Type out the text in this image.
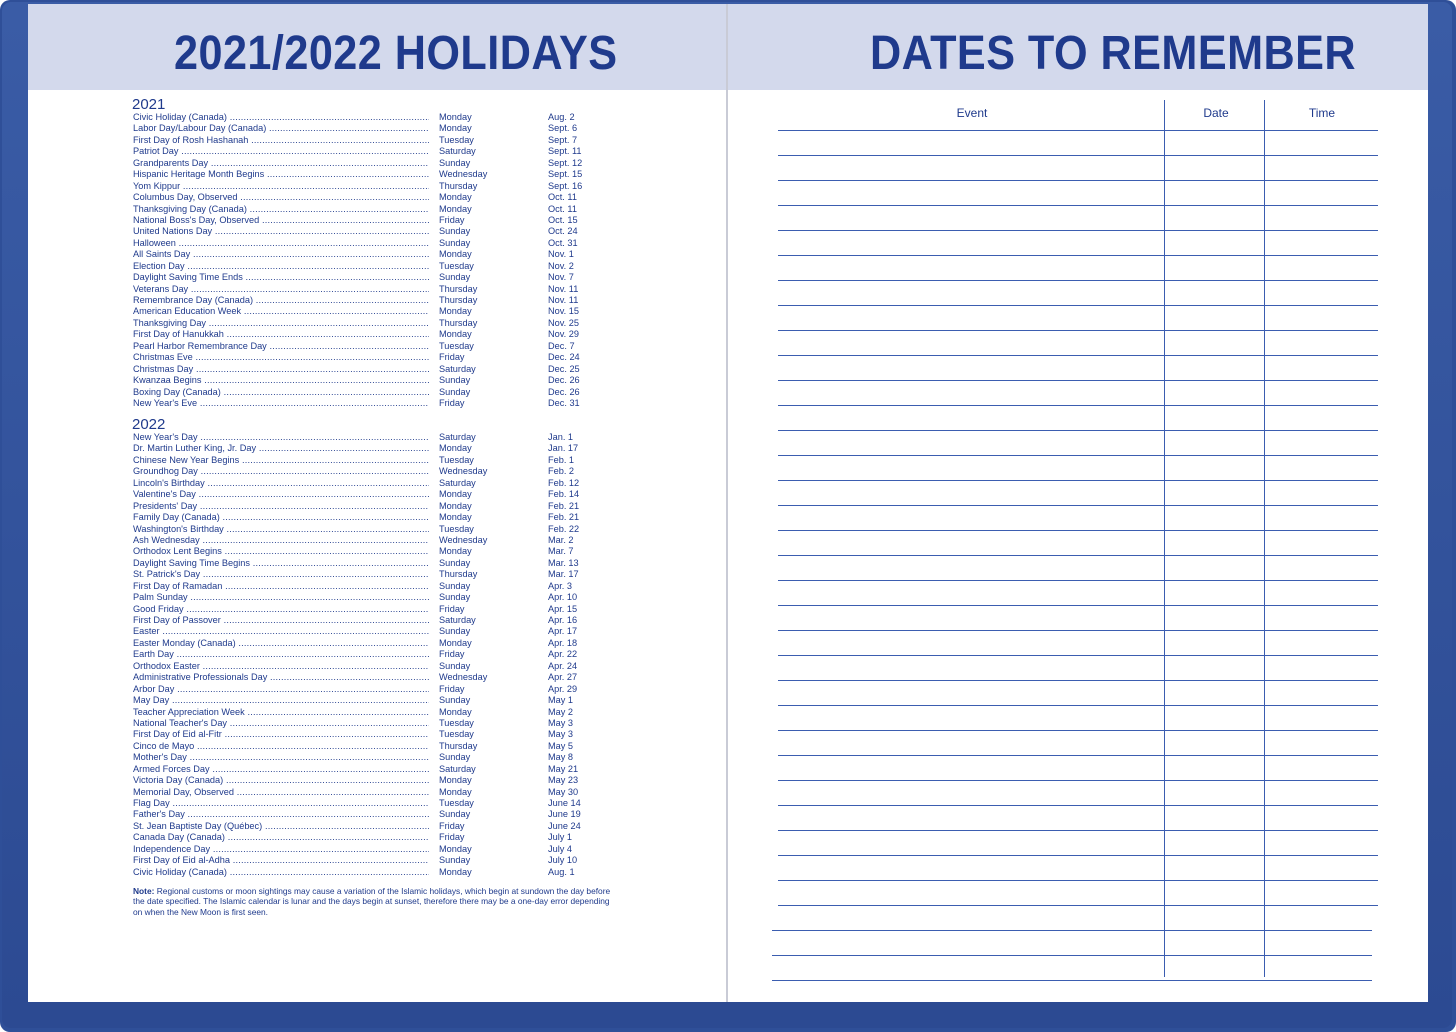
2021/2022 HOLIDAYS
2021
Civic Holiday (Canada) .....	Monday	Aug. 2
Labor Day/Labour Day (Canada) .....	Monday	Sept. 6
First Day of Rosh Hashanah .....	Tuesday	Sept. 7
Patriot Day .....	Saturday	Sept. 11
Grandparents Day .....	Sunday	Sept. 12
Hispanic Heritage Month Begins .....	Wednesday	Sept. 15
Yom Kippur .....	Thursday	Sept. 16
Columbus Day, Observed .....	Monday	Oct. 11
Thanksgiving Day (Canada) .....	Monday	Oct. 11
National Boss's Day, Observed .....	Friday	Oct. 15
United Nations Day .....	Sunday	Oct. 24
Halloween .....	Sunday	Oct. 31
All Saints Day .....	Monday	Nov. 1
Election Day .....	Tuesday	Nov. 2
Daylight Saving Time Ends .....	Sunday	Nov. 7
Veterans Day .....	Thursday	Nov. 11
Remembrance Day (Canada) .....	Thursday	Nov. 11
American Education Week .....	Monday	Nov. 15
Thanksgiving Day .....	Thursday	Nov. 25
First Day of Hanukkah .....	Monday	Nov. 29
Pearl Harbor Remembrance Day .....	Tuesday	Dec. 7
Christmas Eve .....	Friday	Dec. 24
Christmas Day .....	Saturday	Dec. 25
Kwanzaa Begins .....	Sunday	Dec. 26
Boxing Day (Canada) .....	Sunday	Dec. 26
New Year's Eve .....	Friday	Dec. 31
2022
New Year's Day .....	Saturday	Jan. 1
Dr. Martin Luther King, Jr. Day .....	Monday	Jan. 17
Chinese New Year Begins .....	Tuesday	Feb. 1
Groundhog Day .....	Wednesday	Feb. 2
Lincoln's Birthday .....	Saturday	Feb. 12
Valentine's Day .....	Monday	Feb. 14
Presidents' Day .....	Monday	Feb. 21
Family Day (Canada) .....	Monday	Feb. 21
Washington's Birthday .....	Tuesday	Feb. 22
Ash Wednesday .....	Wednesday	Mar. 2
Orthodox Lent Begins .....	Monday	Mar. 7
Daylight Saving Time Begins .....	Sunday	Mar. 13
St. Patrick's Day .....	Thursday	Mar. 17
First Day of Ramadan .....	Sunday	Apr. 3
Palm Sunday .....	Sunday	Apr. 10
Good Friday .....	Friday	Apr. 15
First Day of Passover .....	Saturday	Apr. 16
Easter .....	Sunday	Apr. 17
Easter Monday (Canada) .....	Monday	Apr. 18
Earth Day .....	Friday	Apr. 22
Orthodox Easter .....	Sunday	Apr. 24
Administrative Professionals Day .....	Wednesday	Apr. 27
Arbor Day .....	Friday	Apr. 29
May Day .....	Sunday	May 1
Teacher Appreciation Week .....	Monday	May 2
National Teacher's Day .....	Tuesday	May 3
First Day of Eid al-Fitr .....	Tuesday	May 3
Cinco de Mayo .....	Thursday	May 5
Mother's Day .....	Sunday	May 8
Armed Forces Day .....	Saturday	May 21
Victoria Day (Canada) .....	Monday	May 23
Memorial Day, Observed .....	Monday	May 30
Flag Day .....	Tuesday	June 14
Father's Day .....	Sunday	June 19
St. Jean Baptiste Day (Québec) .....	Friday	June 24
Canada Day (Canada) .....	Friday	July 1
Independence Day .....	Monday	July 4
First Day of Eid al-Adha .....	Sunday	July 10
Civic Holiday (Canada) .....	Monday	Aug. 1
Note: Regional customs or moon sightings may cause a variation of the Islamic holidays, which begin at sundown the day before the date specified. The Islamic calendar is lunar and the days begin at sunset, therefore there may be a one-day error depending on when the New Moon is first seen.
DATES TO REMEMBER
Event	Date	Time
